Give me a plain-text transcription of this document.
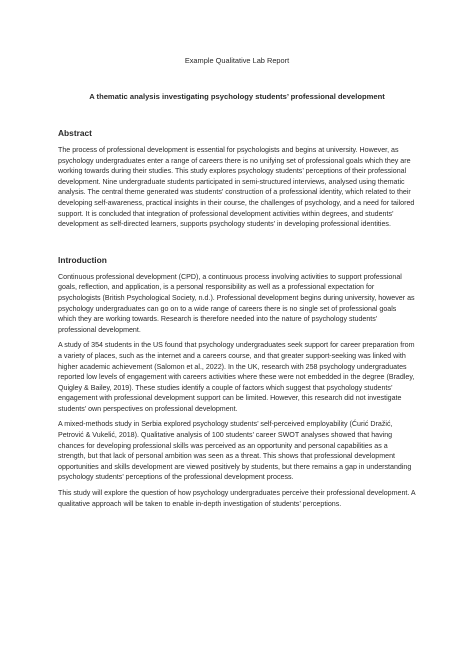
Example Qualitative Lab Report
A thematic analysis investigating psychology students’ professional development
Abstract

The process of professional development is essential for psychologists and begins at university. However, as psychology undergraduates enter a range of careers there is no unifying set of professional goals which they are working towards during their studies. This study explores psychology students’ perceptions of their professional development. Nine undergraduate students participated in semi-structured interviews, analysed using thematic analysis. The central theme generated was students’ construction of a professional identity, which related to their developing self-awareness, practical insights in their course, the challenges of psychology, and a need for tailored support. It is concluded that integration of professional development activities within degrees, and students’ development as self-directed learners, supports psychology students’ in developing professional identities.

Introduction

Continuous professional development (CPD), a continuous process involving activities to support professional goals, reflection, and application, is a personal responsibility as well as a professional expectation for psychologists (British Psychological Society, n.d.). Professional development begins during university, however as psychology undergraduates can go on to a wide range of careers there is no single set of professional goals which they are working towards. Research is therefore needed into the nature of psychology students’ professional development.

A study of 354 students in the US found that psychology undergraduates seek support for career preparation from a variety of places, such as the internet and a careers course, and that greater support-seeking was linked with higher academic achievement (Salomon et al., 2022). In the UK, research with 258 psychology undergraduates reported low levels of engagement with careers activities where these were not embedded in the degree (Bradley, Quigley & Bailey, 2019). These studies identify a couple of factors which suggest that psychology students’ engagement with professional development support can be limited. However, this research did not investigate students’ own perspectives on professional development.

A mixed-methods study in Serbia explored psychology students’ self-perceived employability (Ćurić Dražić, Petrović & Vukelić, 2018). Qualitative analysis of 100 students’ career SWOT analyses showed that having chances for developing professional skills was perceived as an opportunity and personal capabilities as a strength, but that lack of personal ambition was seen as a threat. This shows that professional development opportunities and skills development are viewed positively by students, but there remains a gap in understanding psychology students’ perceptions of the professional development process.

This study will explore the question of how psychology undergraduates perceive their professional development. A qualitative approach will be taken to enable in-depth investigation of students’ perceptions.
